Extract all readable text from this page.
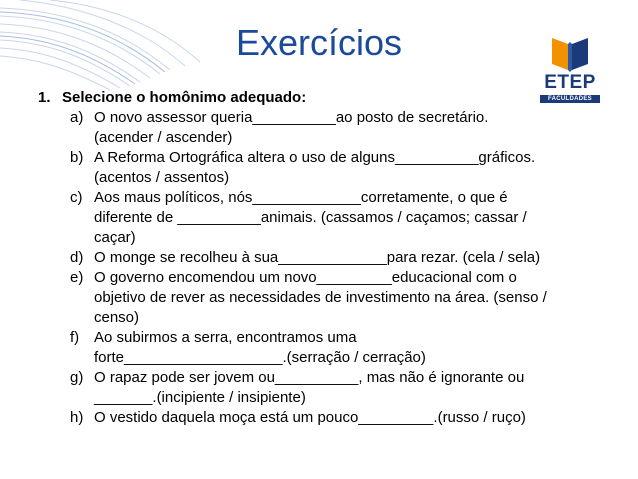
Exercícios
ETEP
FACULDADES
1. Selecione o homônimo adequado:
a) O novo assessor queria__________ao posto de secretário.
(acender / ascender)
b) A Reforma Ortográfica altera o uso de alguns__________gráficos.
(acentos / assentos)
c) Aos maus políticos, nós_____________corretamente, o que é
diferente de __________animais. (cassamos / caçamos; cassar /
caçar)
d) O monge se recolheu à sua_____________para rezar. (cela / sela)
e) O governo encomendou um novo_________educacional com o
objetivo de rever as necessidades de investimento na área. (senso /
censo)
f) Ao subirmos a serra, encontramos uma
forte___________________.(serração / cerração)
g) O rapaz pode ser jovem ou__________, mas não é ignorante ou
_______.(incipiente / insipiente)
h) O vestido daquela moça está um pouco_________.(russo / ruço)
